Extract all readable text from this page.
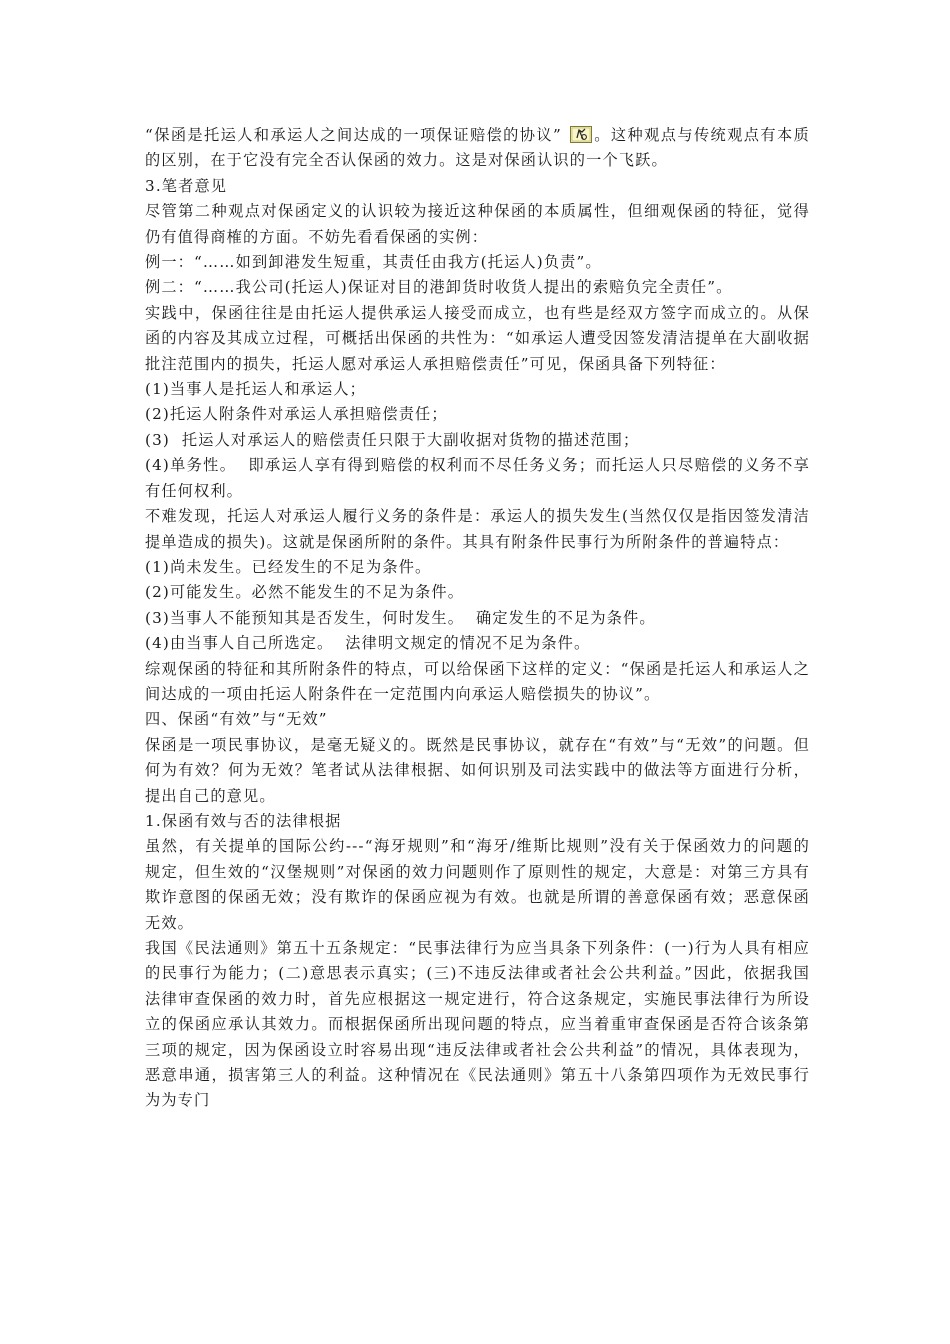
“保函是托运人和承运人之间达成的一项保证赔偿的协议” 。这种观点与传统观点有本质的区别，在于它没有完全否认保函的效力。这是对保函认识的一个飞跃。

3.笔者意见

尽管第二种观点对保函定义的认识较为接近这种保函的本质属性，但细观保函的特征，觉得仍有值得商榷的方面。不妨先看看保函的实例：

例一：“……如到卸港发生短重，其责任由我方(托运人)负责”。

例二：“……我公司(托运人)保证对目的港卸货时收货人提出的索赔负完全责任”。

实践中，保函往往是由托运人提供承运人接受而成立，也有些是经双方签字而成立的。从保函的内容及其成立过程，可概括出保函的共性为：“如承运人遭受因签发清洁提单在大副收据批注范围内的损失，托运人愿对承运人承担赔偿责任”可见，保函具备下列特征：

(1)当事人是托运人和承运人；

(2)托运人附条件对承运人承担赔偿责任；

(3)  托运人对承运人的赔偿责任只限于大副收据对货物的描述范围；

(4)单务性。  即承运人享有得到赔偿的权利而不尽任务义务；而托运人只尽赔偿的义务不享有任何权利。

不难发现，托运人对承运人履行义务的条件是：承运人的损失发生(当然仅仅是指因签发清洁提单造成的损失)。这就是保函所附的条件。其具有附条件民事行为所附条件的普遍特点：

(1)尚未发生。已经发生的不足为条件。

(2)可能发生。必然不能发生的不足为条件。

(3)当事人不能预知其是否发生，何时发生。  确定发生的不足为条件。

(4)由当事人自己所选定。  法律明文规定的情况不足为条件。

综观保函的特征和其所附条件的特点，可以给保函下这样的定义：“保函是托运人和承运人之间达成的一项由托运人附条件在一定范围内向承运人赔偿损失的协议”。

四、保函“有效”与“无效”

保函是一项民事协议，是毫无疑义的。既然是民事协议，就存在“有效”与“无效”的问题。但何为有效？何为无效？笔者试从法律根据、如何识别及司法实践中的做法等方面进行分析，提出自己的意见。

1.保函有效与否的法律根据

虽然，有关提单的国际公约---“海牙规则”和“海牙/维斯比规则”没有关于保函效力的问题的规定，但生效的“汉堡规则”对保函的效力问题则作了原则性的规定，大意是：对第三方具有欺诈意图的保函无效；没有欺诈的保函应视为有效。也就是所谓的善意保函有效；恶意保函无效。

我国《民法通则》第五十五条规定：“民事法律行为应当具条下列条件：(一)行为人具有相应的民事行为能力；(二)意思表示真实；(三)不违反法律或者社会公共利益。”因此，依据我国法律审查保函的效力时，首先应根据这一规定进行，符合这条规定，实施民事法律行为所设立的保函应承认其效力。而根据保函所出现问题的特点，应当着重审查保函是否符合该条第三项的规定，因为保函设立时容易出现“违反法律或者社会公共利益”的情况，具体表现为，恶意串通，损害第三人的利益。这种情况在《民法通则》第五十八条第四项作为无效民事行为为专门
